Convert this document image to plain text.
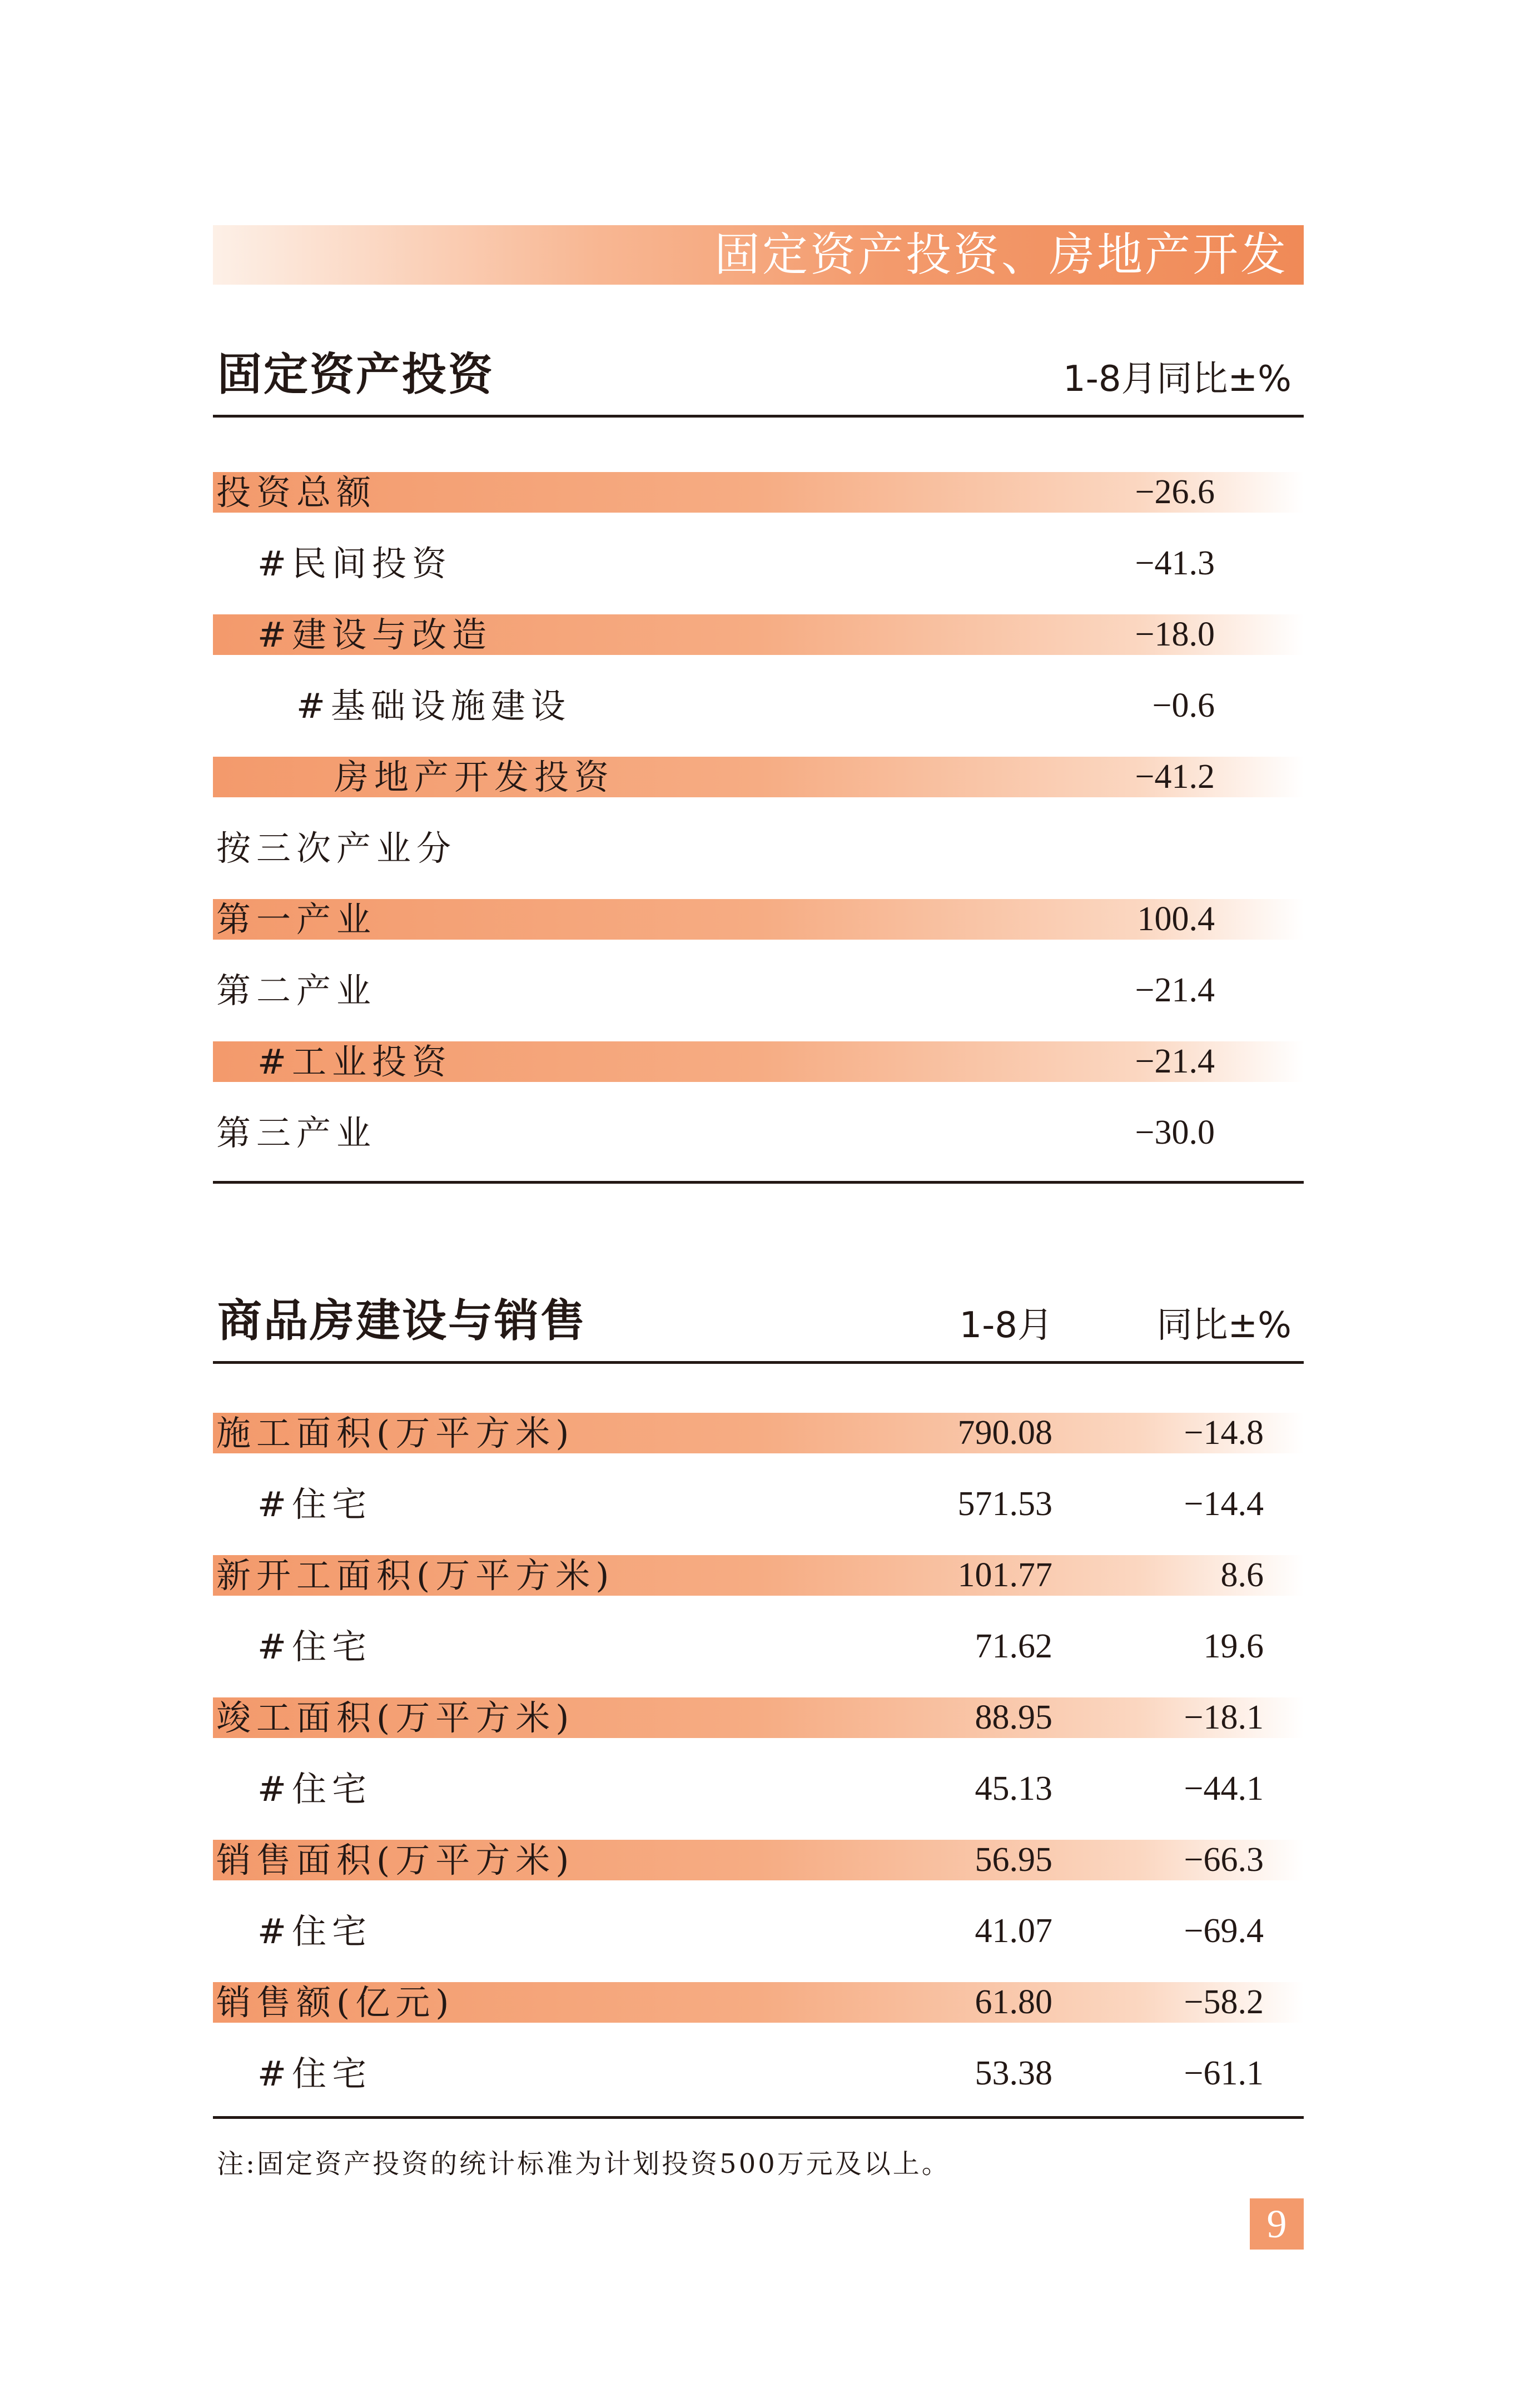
固定资产投资、房地产开发
固定资产投资	1-8月同比±%
投资总额	−26.6
#民间投资	−41.3
#建设与改造	−18.0
#基础设施建设	−0.6
房地产开发投资	−41.2
按三次产业分
第一产业	100.4
第二产业	−21.4
#工业投资	−21.4
第三产业	−30.0
商品房建设与销售	1-8月	同比±%
施工面积(万平方米)	790.08	−14.8
#住宅	571.53	−14.4
新开工面积(万平方米)	101.77	8.6
#住宅	71.62	19.6
竣工面积(万平方米)	88.95	−18.1
#住宅	45.13	−44.1
销售面积(万平方米)	56.95	−66.3
#住宅	41.07	−69.4
销售额(亿元)	61.80	−58.2
#住宅	53.38	−61.1
注:固定资产投资的统计标准为计划投资500万元及以上。
9
